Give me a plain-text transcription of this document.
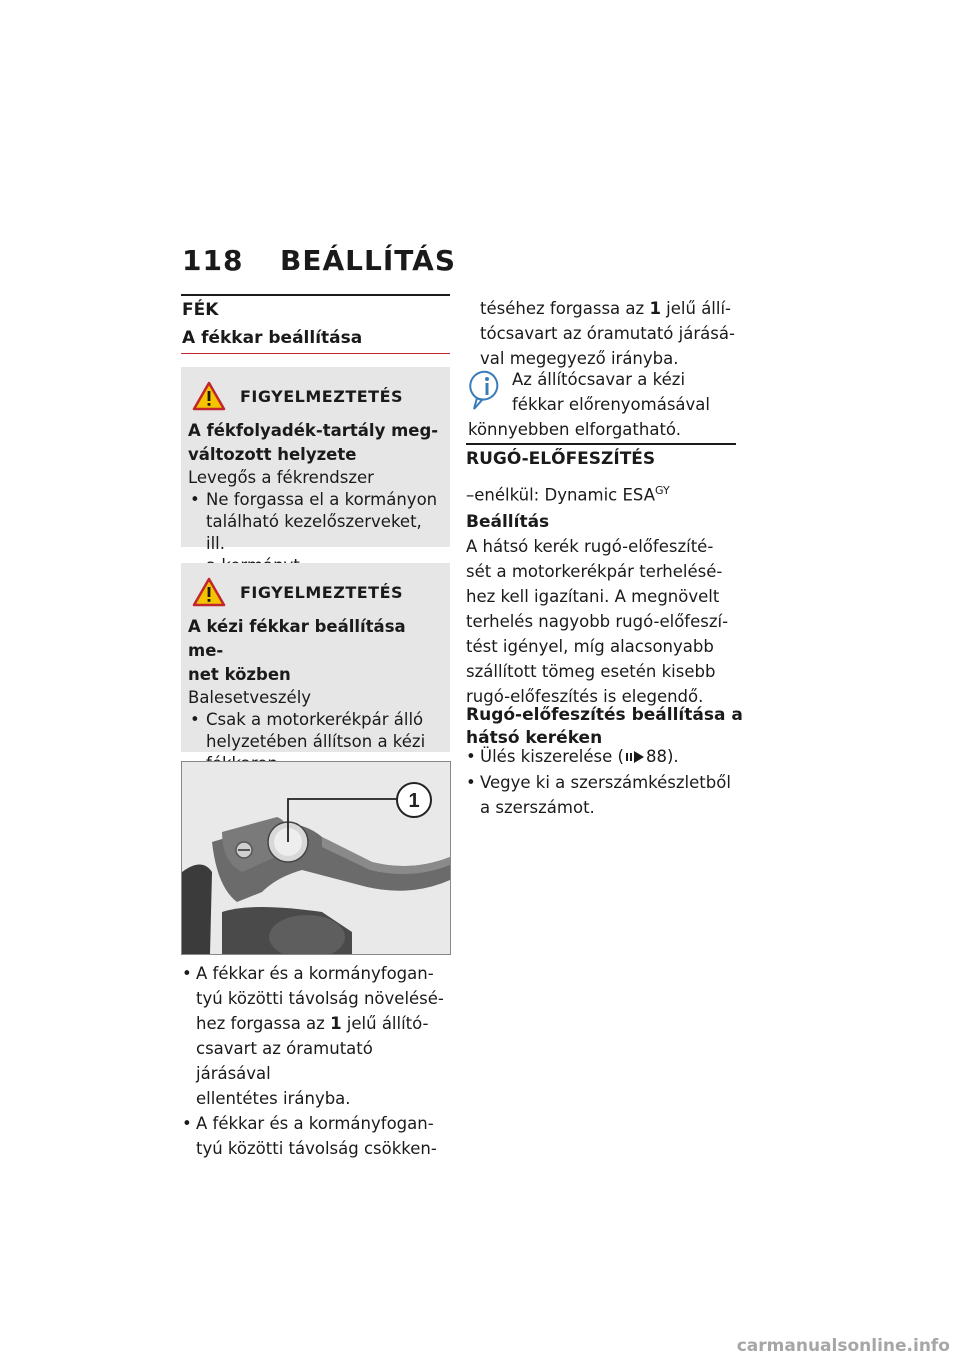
118 BEÁLLÍTÁS
FÉK
A fékkar beállítása
FIGYELMEZTETÉS
A fékfolyadék-tartály meg-
változott helyzete
Levegős a fékrendszer
• Ne forgassa el a kormányon
található kezelőszerveket, ill.
FIGYELMEZTETÉS
A kézi fékkar beállítása me-
net közben
Balesetveszély
• Csak a motorkerékpár álló
helyzetében állítson a kézi
1
• A fékkar és a kormányfogan-
tyú közötti távolság növelésé-
hez forgassa az 1 jelű állító-
csavart az óramutató járásával
ellentétes irányba.
• A fékkar és a kormányfogan-
tyú közötti távolság csökken-
téséhez forgassa az 1 jelű állí-
tócsavart az óramutató járásá-
val megegyező irányba.
Az állítócsavar a kézi
fékkar előrenyomásával
könnyebben elforgatható.
RUGÓ-ELŐFESZÍTÉS
–enélkül: Dynamic $ESA^{GY}$
Beállítás
A hátsó kerék rugó-előfeszíté-
sét a motorkerékpár terhelésé-
hez kell igazítani. A megnövelt
terhelés nagyobb rugó-előfeszí-
tést igényel, míg alacsonyabb
szállított tömeg esetén kisebb
rugó-előfeszítés is elegendő.
Rugó-előfeszítés beállítása a
hátsó keréken
• Ülés kiszerelése ( 88).
• Vegye ki a szerszámkészletből
a szerszámot.
carmanualsonline.info
